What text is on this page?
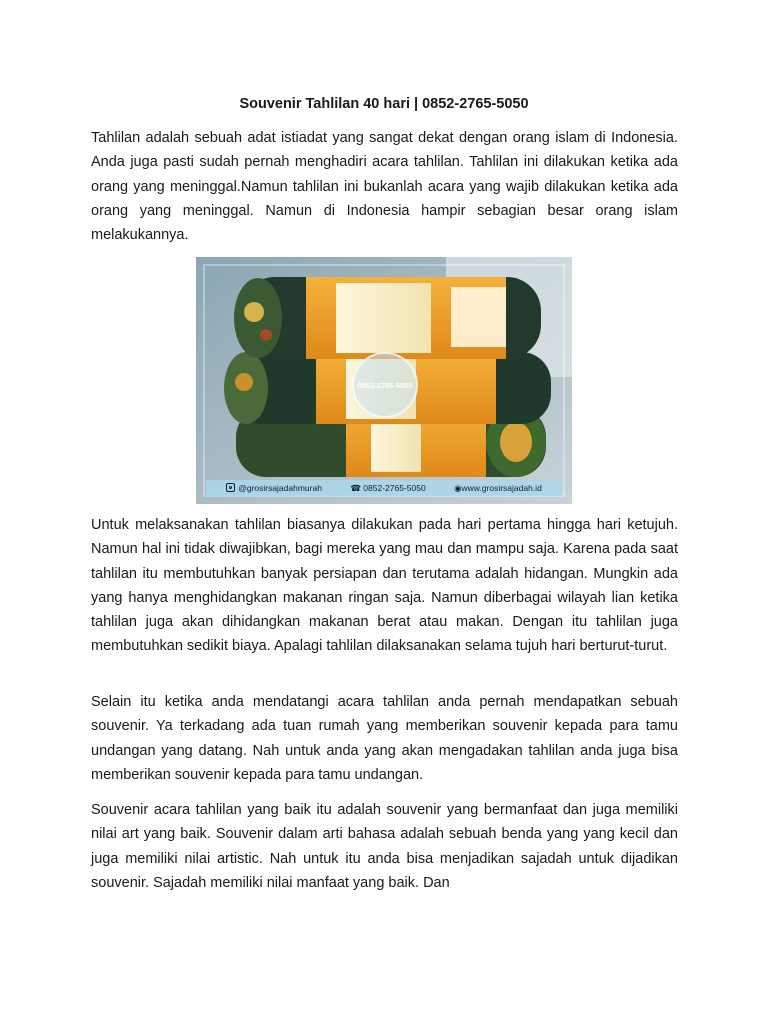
Souvenir Tahlilan 40 hari | 0852-2765-5050

Tahlilan adalah sebuah adat istiadat yang sangat dekat dengan orang islam di Indonesia. Anda juga pasti sudah pernah menghadiri acara tahlilan. Tahlilan ini dilakukan ketika ada orang yang meninggal.Namun tahlilan ini bukanlah acara yang wajib dilakukan ketika ada orang yang meninggal. Namun di Indonesia hampir sebagian besar orang islam melakukannya.

0852-2765-5050
@grosirsajadahmurah	☎ 0852-2765-5050	◉www.grosirsajadah.id

Untuk melaksanakan tahlilan biasanya dilakukan pada hari pertama hingga hari ketujuh. Namun hal ini tidak diwajibkan, bagi mereka yang mau dan mampu saja. Karena pada saat tahlilan itu membutuhkan banyak persiapan dan terutama adalah hidangan. Mungkin ada yang hanya menghidangkan makanan ringan saja. Namun diberbagai wilayah lian ketika tahlilan juga akan dihidangkan makanan berat atau makan. Dengan itu tahlilan juga membutuhkan sedikit biaya. Apalagi tahlilan dilaksanakan selama tujuh hari berturut-turut.

Selain itu ketika anda mendatangi acara tahlilan anda pernah mendapatkan sebuah souvenir. Ya terkadang ada tuan rumah yang memberikan souvenir kepada para tamu undangan yang datang. Nah untuk anda yang akan mengadakan tahlilan anda juga bisa memberikan souvenir kepada para tamu undangan.

Souvenir acara tahlilan yang baik itu adalah souvenir yang bermanfaat dan juga memiliki nilai art yang baik. Souvenir dalam arti bahasa adalah sebuah benda yang yang kecil dan juga memiliki nilai artistic. Nah untuk itu anda bisa menjadikan sajadah untuk dijadikan souvenir. Sajadah memiliki nilai manfaat yang baik. Dan
